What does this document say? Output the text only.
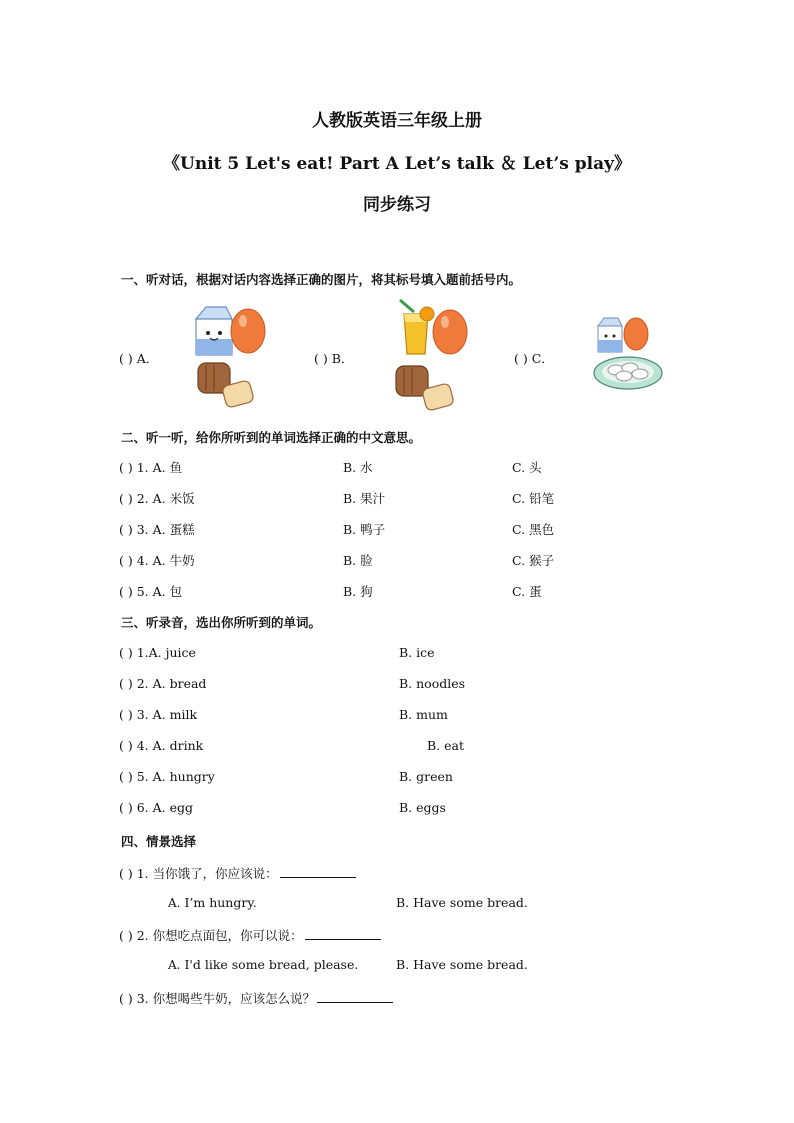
人教版英语三年级上册
《Unit 5 Let's eat! Part A Let’s talk ＆ Let’s play》
同步练习
一、听对话，根据对话内容选择正确的图片，将其标号填入题前括号内。
( ) A．	( ) B．	( ) C．
二、听一听，给你所听到的单词选择正确的中文意思。
( ) 1. A. 鱼	B. 水	C. 头
( ) 2. A. 米饭	B. 果汁	C. 铅笔
( ) 3. A. 蛋糕	B. 鸭子	C. 黑色
( ) 4. A. 牛奶	B. 脸	C. 猴子
( ) 5. A. 包	B. 狗	C. 蛋
三、听录音，选出你所听到的单词。
( ) 1.A. juice	B. ice
( ) 2. A. bread	B. noodles
( ) 3. A. milk	B. mum
( ) 4. A. drink	B. eat
( ) 5. A. hungry	B. green
( ) 6. A. egg	B. eggs
四、情景选择
( ) 1. 当你饿了，你应该说：
A. I’m hungry.	B. Have some bread.
( ) 2. 你想吃点面包，你可以说：
A. I'd like some bread, please.	B. Have some bread.
( ) 3. 你想喝些牛奶，应该怎么说？
